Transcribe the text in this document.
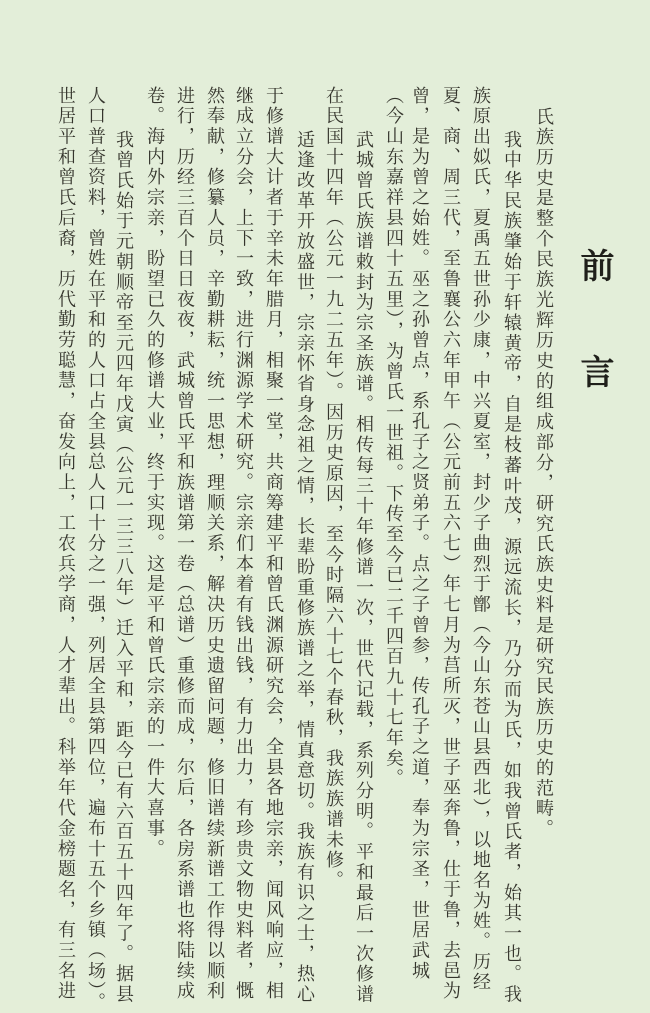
前 言
氏族历史是整个民族光辉历史的组成部分，研究氏族史料是研究民族历史的范畴。
我中华民族肇始于轩辕黄帝，自是枝蕃叶茂，源远流长，乃分而为氏，如我曾氏者，始其一也。我
族原出姒氏，夏禹五世孙少康，中兴夏室，封少子曲烈于鄫（今山东苍山县西北），以地名为姓。历经
夏、商、周三代，至鲁襄公六年甲午（公元前五六七）年七月为莒所灭，世子巫奔鲁，仕于鲁，去邑为
曾，是为曾之始姓。巫之孙曾点，系孔子之贤弟子。点之子曾参，传孔子之道，奉为宗圣，世居武城
（今山东嘉祥县四十五里），为曾氏一世祖。下传至今已二千四百九十七年矣。
武城曾氏族谱敕封为宗圣族谱。相传每三十年修谱一次，世代记载，系列分明。平和最后一次修谱
在民国十四年（公元一九二五年）。因历史原因，至今时隔六十七个春秋，我族族谱未修。
适逢改革开放盛世，宗亲怀省身念祖之情，长辈盼重修族谱之举，情真意切。我族有识之士，热心
于修谱大计者于辛未年腊月，相聚一堂，共商筹建平和曾氏渊源研究会，全县各地宗亲，闻风响应，相
继成立分会，上下一致，进行渊源学术研究。宗亲们本着有钱出钱，有力出力，有珍贵文物史料者，慨
然奉献，修纂人员，辛勤耕耘，统一思想，理顺关系，解决历史遗留问题，修旧谱续新谱工作得以顺利
进行，历经三百个日日夜夜，武城曾氏平和族谱第一卷（总谱）重修而成，尔后，各房系谱也将陆续成
卷。海内外宗亲，盼望已久的修谱大业，终于实现。这是平和曾氏宗亲的一件大喜事。
我曾氏始于元朝顺帝至元四年戊寅（公元一三三八年）迁入平和，距今已有六百五十四年了。据县
人口普查资料，曾姓在平和的人口占全县总人口十分之一强，列居全县第四位，遍布十五个乡镇（场）。
世居平和曾氏后裔，历代勤劳聪慧，奋发向上，工农兵学商，人才辈出。科举年代金榜题名，有三名进
